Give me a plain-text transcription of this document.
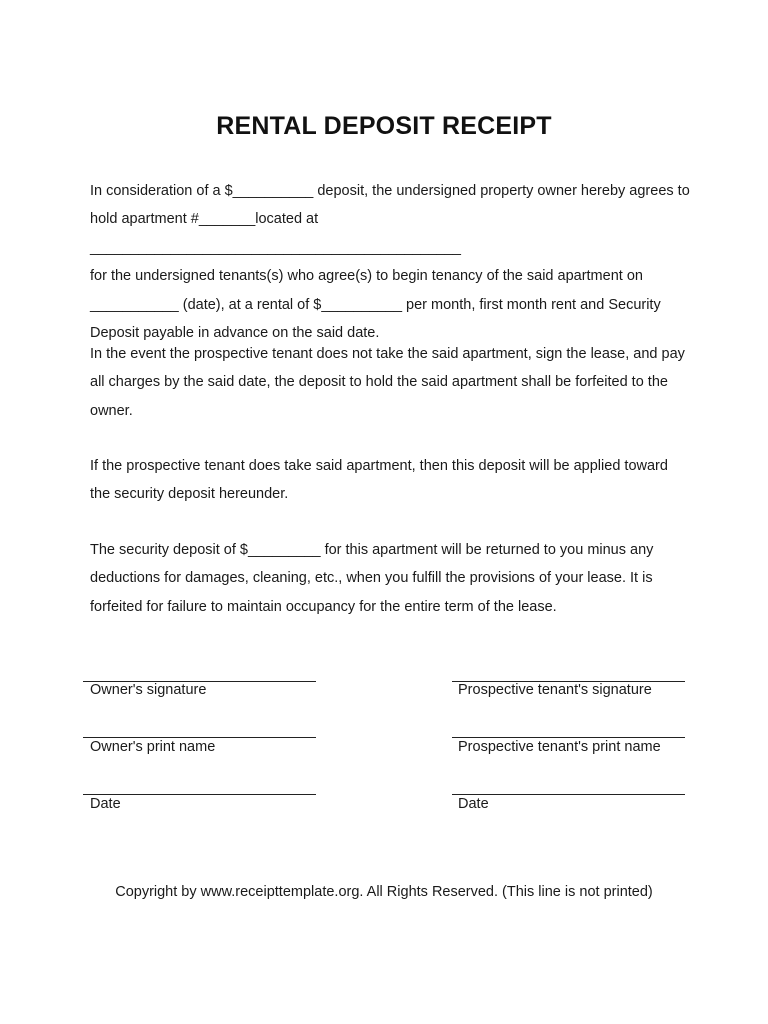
RENTAL DEPOSIT RECEIPT

In consideration of a $__________ deposit, the undersigned property owner hereby agrees to
hold apartment #_______located at ______________________________________________
for the undersigned tenants(s) who agree(s) to begin tenancy of the said apartment on
___________ (date), at a rental of $__________ per month, first month rent and Security
Deposit payable in advance on the said date.

In the event the prospective tenant does not take the said apartment, sign the lease, and pay
all charges by the said date, the deposit to hold the said apartment shall be forfeited to the
owner.

If the prospective tenant does take said apartment, then this deposit will be applied toward
the security deposit hereunder.

The security deposit of $_________ for this apartment will be returned to you minus any
deductions for damages, cleaning, etc., when you fulfill the provisions of your lease. It is
forfeited for failure to maintain occupancy for the entire term of the lease.

Owner's signature
Owner's print name
Date
Prospective tenant's signature
Prospective tenant's print name
Date
Copyright by www.receipttemplate.org. All Rights Reserved. (This line is not printed)
